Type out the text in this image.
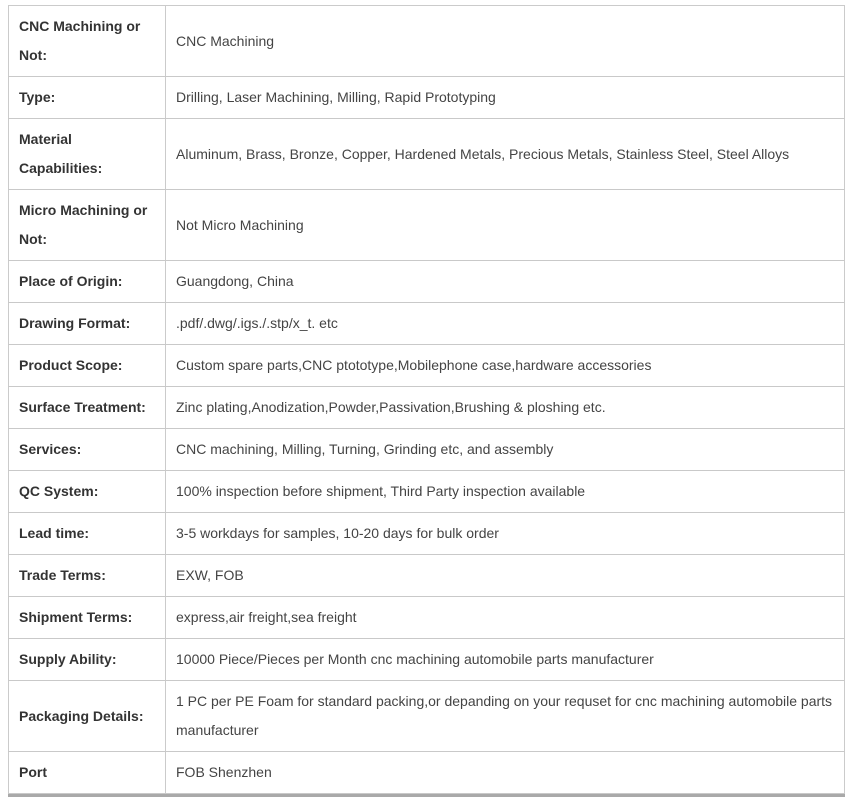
CNC Machining or Not:	CNC Machining
Type:	Drilling, Laser Machining, Milling, Rapid Prototyping
Material Capabilities:	Aluminum, Brass, Bronze, Copper, Hardened Metals, Precious Metals, Stainless Steel, Steel Alloys
Micro Machining or Not:	Not Micro Machining
Place of Origin:	Guangdong, China
Drawing Format:	.pdf/.dwg/.igs./.stp/x_t. etc
Product Scope:	Custom spare parts,CNC ptototype,Mobilephone case,hardware accessories
Surface Treatment:	Zinc plating,Anodization,Powder,Passivation,Brushing & ploshing etc.
Services:	CNC machining, Milling, Turning, Grinding etc, and assembly
QC System:	100% inspection before shipment, Third Party inspection available
Lead time:	3-5 workdays for samples, 10-20 days for bulk order
Trade Terms:	EXW, FOB
Shipment Terms:	express,air freight,sea freight
Supply Ability:	10000 Piece/Pieces per Month cnc machining automobile parts manufacturer
Packaging Details:	1 PC per PE Foam for standard packing,or depanding on your requset for cnc machining automobile parts manufacturer
Port	FOB Shenzhen
